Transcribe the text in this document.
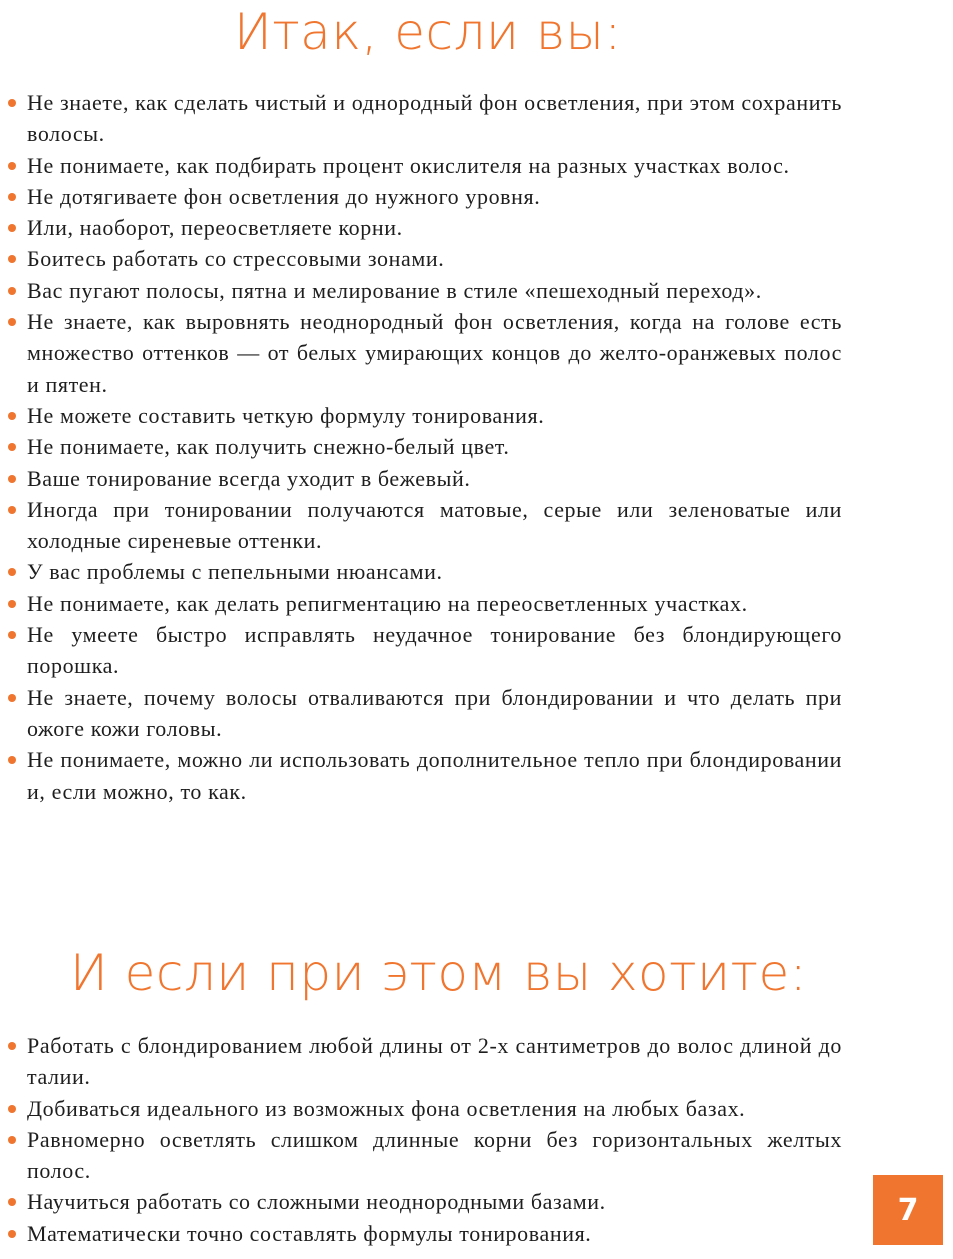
Итак, если вы:
Не знаете, как сделать чистый и однородный фон осветления, при этом сохранить волосы.
Не понимаете, как подбирать процент окислителя на разных участках волос.
Не дотягиваете фон осветления до нужного уровня.
Или, наоборот, переосветляете корни.
Боитесь работать со стрессовыми зонами.
Вас пугают полосы, пятна и мелирование в стиле «пешеходный переход».
Не знаете, как выровнять неоднородный фон осветления, когда на голове есть множество оттенков — от белых умирающих концов до желто-оранжевых полос и пятен.
Не можете составить четкую формулу тонирования.
Не понимаете, как получить снежно-белый цвет.
Ваше тонирование всегда уходит в бежевый.
Иногда при тонировании получаются матовые, серые или зеленоватые или холодные сиреневые оттенки.
У вас проблемы с пепельными нюансами.
Не понимаете, как делать репигментацию на переосветленных участках.
Не умеете быстро исправлять неудачное тонирование без блондирующего порошка.
Не знаете, почему волосы отваливаются при блондировании и что делать при ожоге кожи головы.
Не понимаете, можно ли использовать дополнительное тепло при блондировании и, если можно, то как.
И если при этом вы хотите:
Работать с блондированием любой длины от 2-х сантиметров до волос длиной до талии.
Добиваться идеального из возможных фона осветления на любых базах.
Равномерно осветлять слишком длинные корни без горизонтальных желтых полос.
Научиться работать со сложными неоднородными базами.
Математически точно составлять формулы тонирования.
7
